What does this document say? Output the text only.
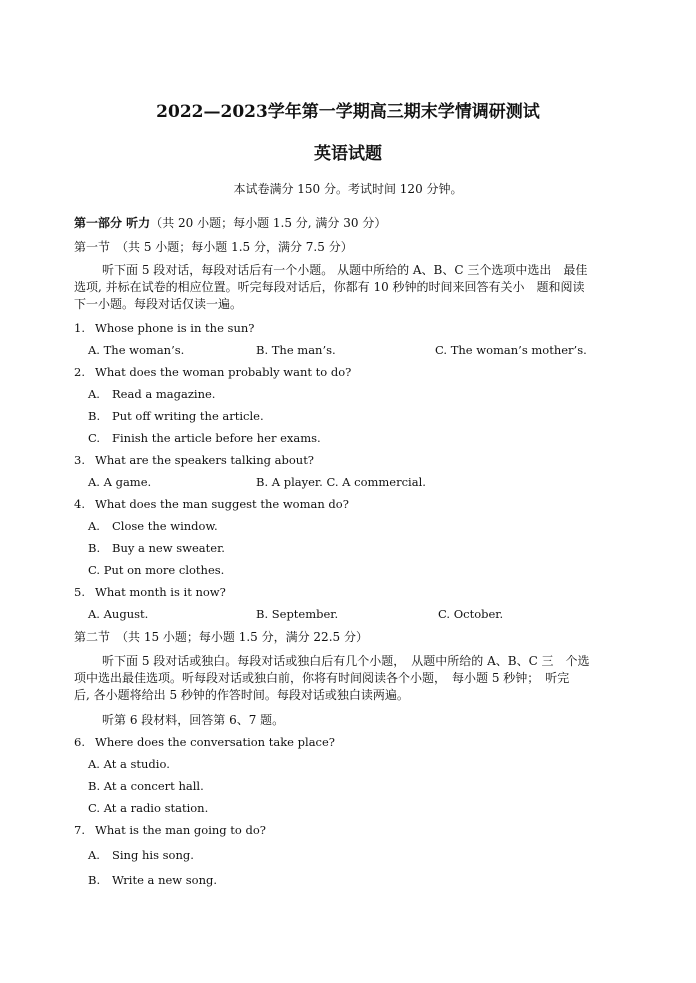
2022—2023学年第一学期高三期末学情调研测试
英语试题
本试卷满分 150 分。考试时间 120 分钟。
第一部分 听力（共 20 小题；每小题 1.5 分, 满分 30 分）
第一节　（共 5 小题；每小题 1.5 分，满分 7.5 分）
听下面 5 段对话，每段对话后有一个小题。 从题中所给的 A、B、C 三个选项中选出　最佳
选项, 并标在试卷的相应位置。听完每段对话后，你都有 10 秒钟的时间来回答有关小　题和阅读
下一小题。每段对话仅读一遍。
1. Whose phone is in the sun?
A. The woman’s.	B. The man’s.	C. The woman’s mother’s.
2. What does the woman probably want to do?
A. Read a magazine.
B. Put off writing the article.
C. Finish the article before her exams.
3. What are the speakers talking about?
A. A game.	B. A player. C. A commercial.
4. What does the man suggest the woman do?
A. Close the window.
B. Buy a new sweater.
C. Put on more clothes.
5. What month is it now?
A. August.	B. September.	C. October.
第二节　（共 15 小题；每小题 1.5 分，满分 22.5 分）
听下面 5 段对话或独白。每段对话或独白后有几个小题，　从题中所给的 A、B、C 三　个选
项中选出最佳选项。听每段对话或独白前，你将有时间阅读各个小题，　每小题 5 秒钟；　听完
后, 各小题将给出 5 秒钟的作答时间。每段对话或独白读两遍。
听第 6 段材料，回答第 6、7 题。
6. Where does the conversation take place?
A. At a studio.
B. At a concert hall.
C. At a radio station.
7. What is the man going to do?
A. Sing his song.
B. Write a new song.
